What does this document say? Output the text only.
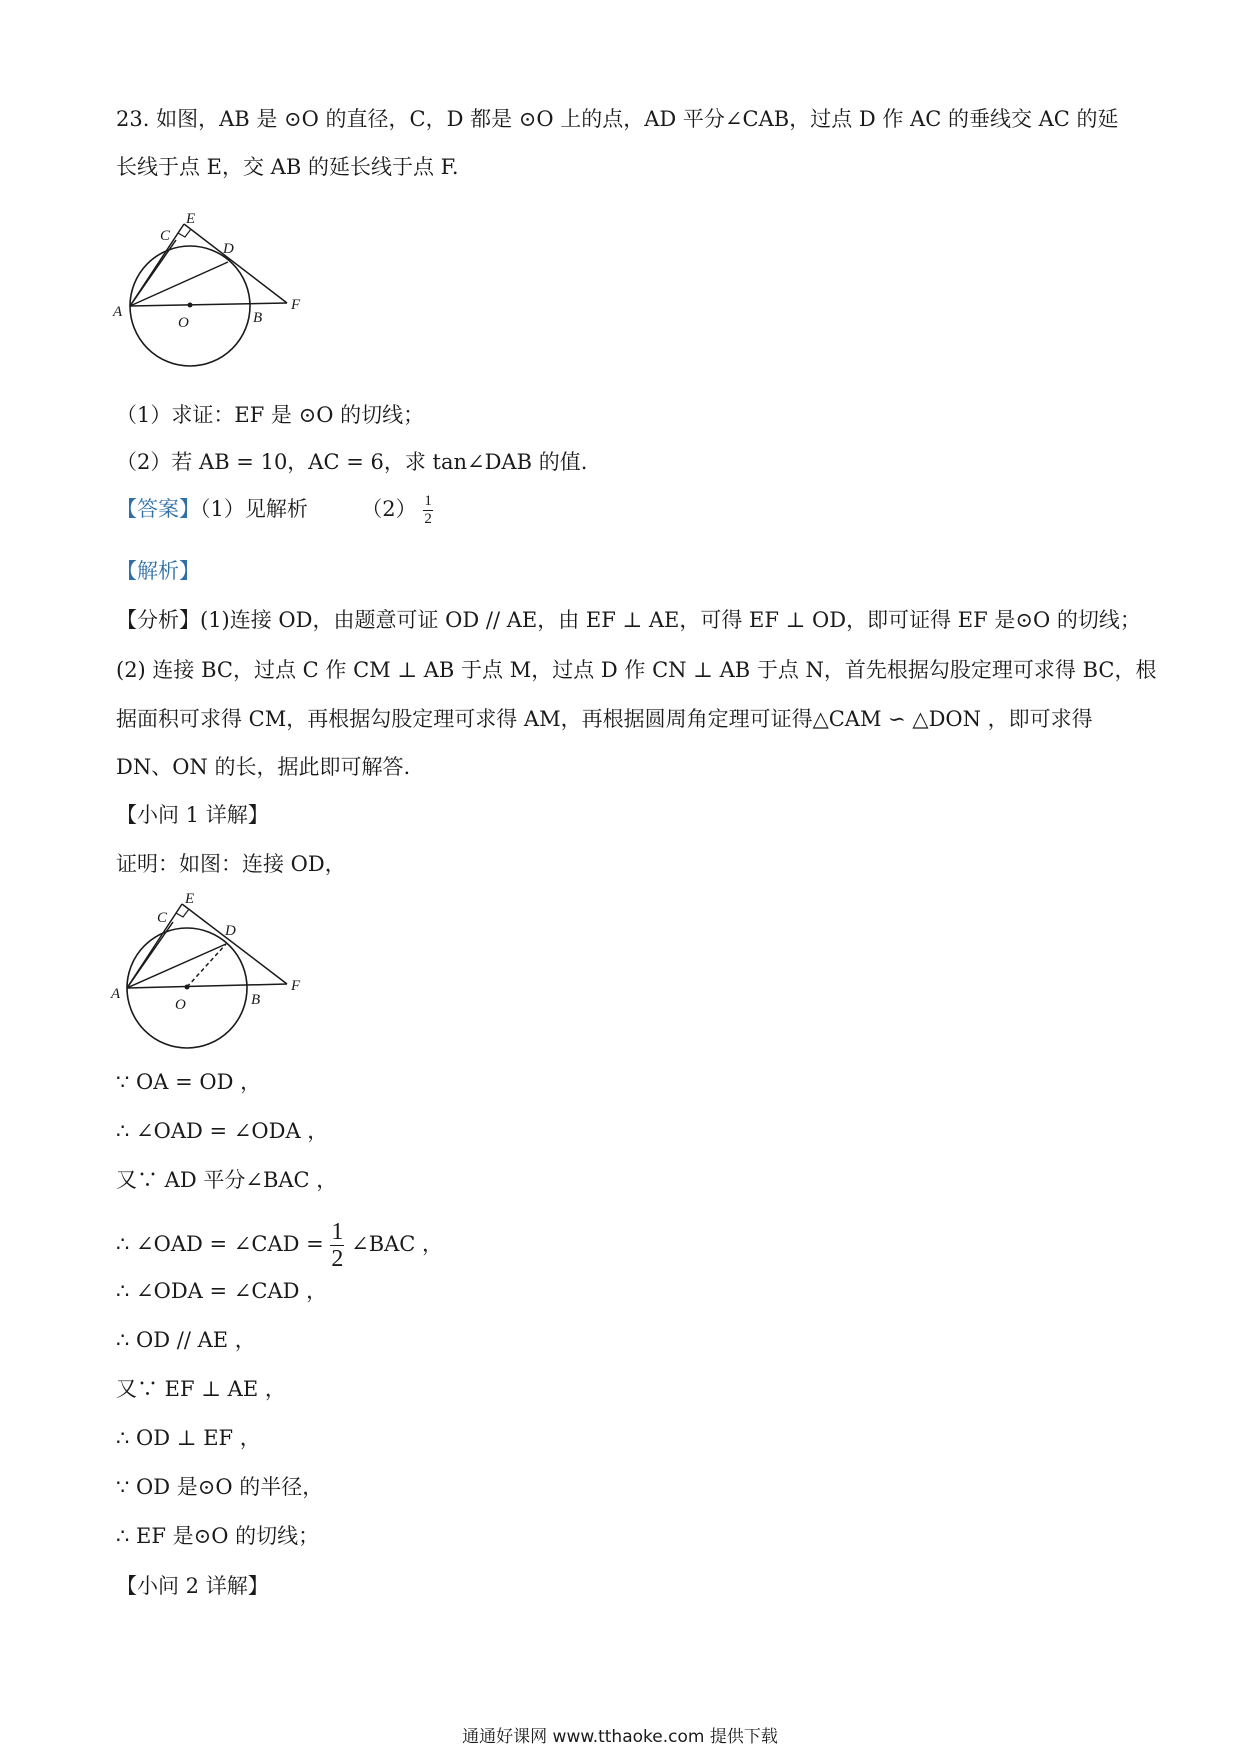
23. 如图，AB 是 ⊙O 的直径，C，D 都是 ⊙O 上的点，AD 平分∠CAB，过点 D 作 AC 的垂线交 AC 的延
长线于点 E，交 AB 的延长线于点 F.
A	B
C
D
E
F
O
（1）求证：EF 是 ⊙O 的切线；
（2）若 AB = 10，AC = 6，求 tan∠DAB 的值.
【答案】（1）见解析	$(2) \frac{1}{2}$
【解析】
【分析】(1)连接 OD，由题意可证 OD // AE，由 EF ⊥ AE，可得 EF ⊥ OD，即可证得 EF 是⊙O 的切线；
(2) 连接 BC，过点 C 作 CM ⊥ AB 于点 M，过点 D 作 CN ⊥ AB 于点 N，首先根据勾股定理可求得 BC，根
据面积可求得 CM，再根据勾股定理可求得 AM，再根据圆周角定理可证得△CAM ∽ △DON ，即可求得
DN、ON 的长，据此即可解答.
【小问 1 详解】
证明：如图：连接 OD，
A	B
C
D
E
F
O
∵ OA = OD ，
∴ ∠OAD = ∠ODA ，
又∵ AD 平分∠BAC ，
∴ ∠OAD = ∠CAD = $\frac{1}{2}$ ∠BAC ，
∴ ∠ODA = ∠CAD ，
∴ OD // AE ，
又∵ EF ⊥ AE ，
∴ OD ⊥ EF ，
∵ OD 是⊙O 的半径，
∴ EF 是⊙O 的切线；
【小问 2 详解】
通通好课网 www.tthaoke.com 提供下载
